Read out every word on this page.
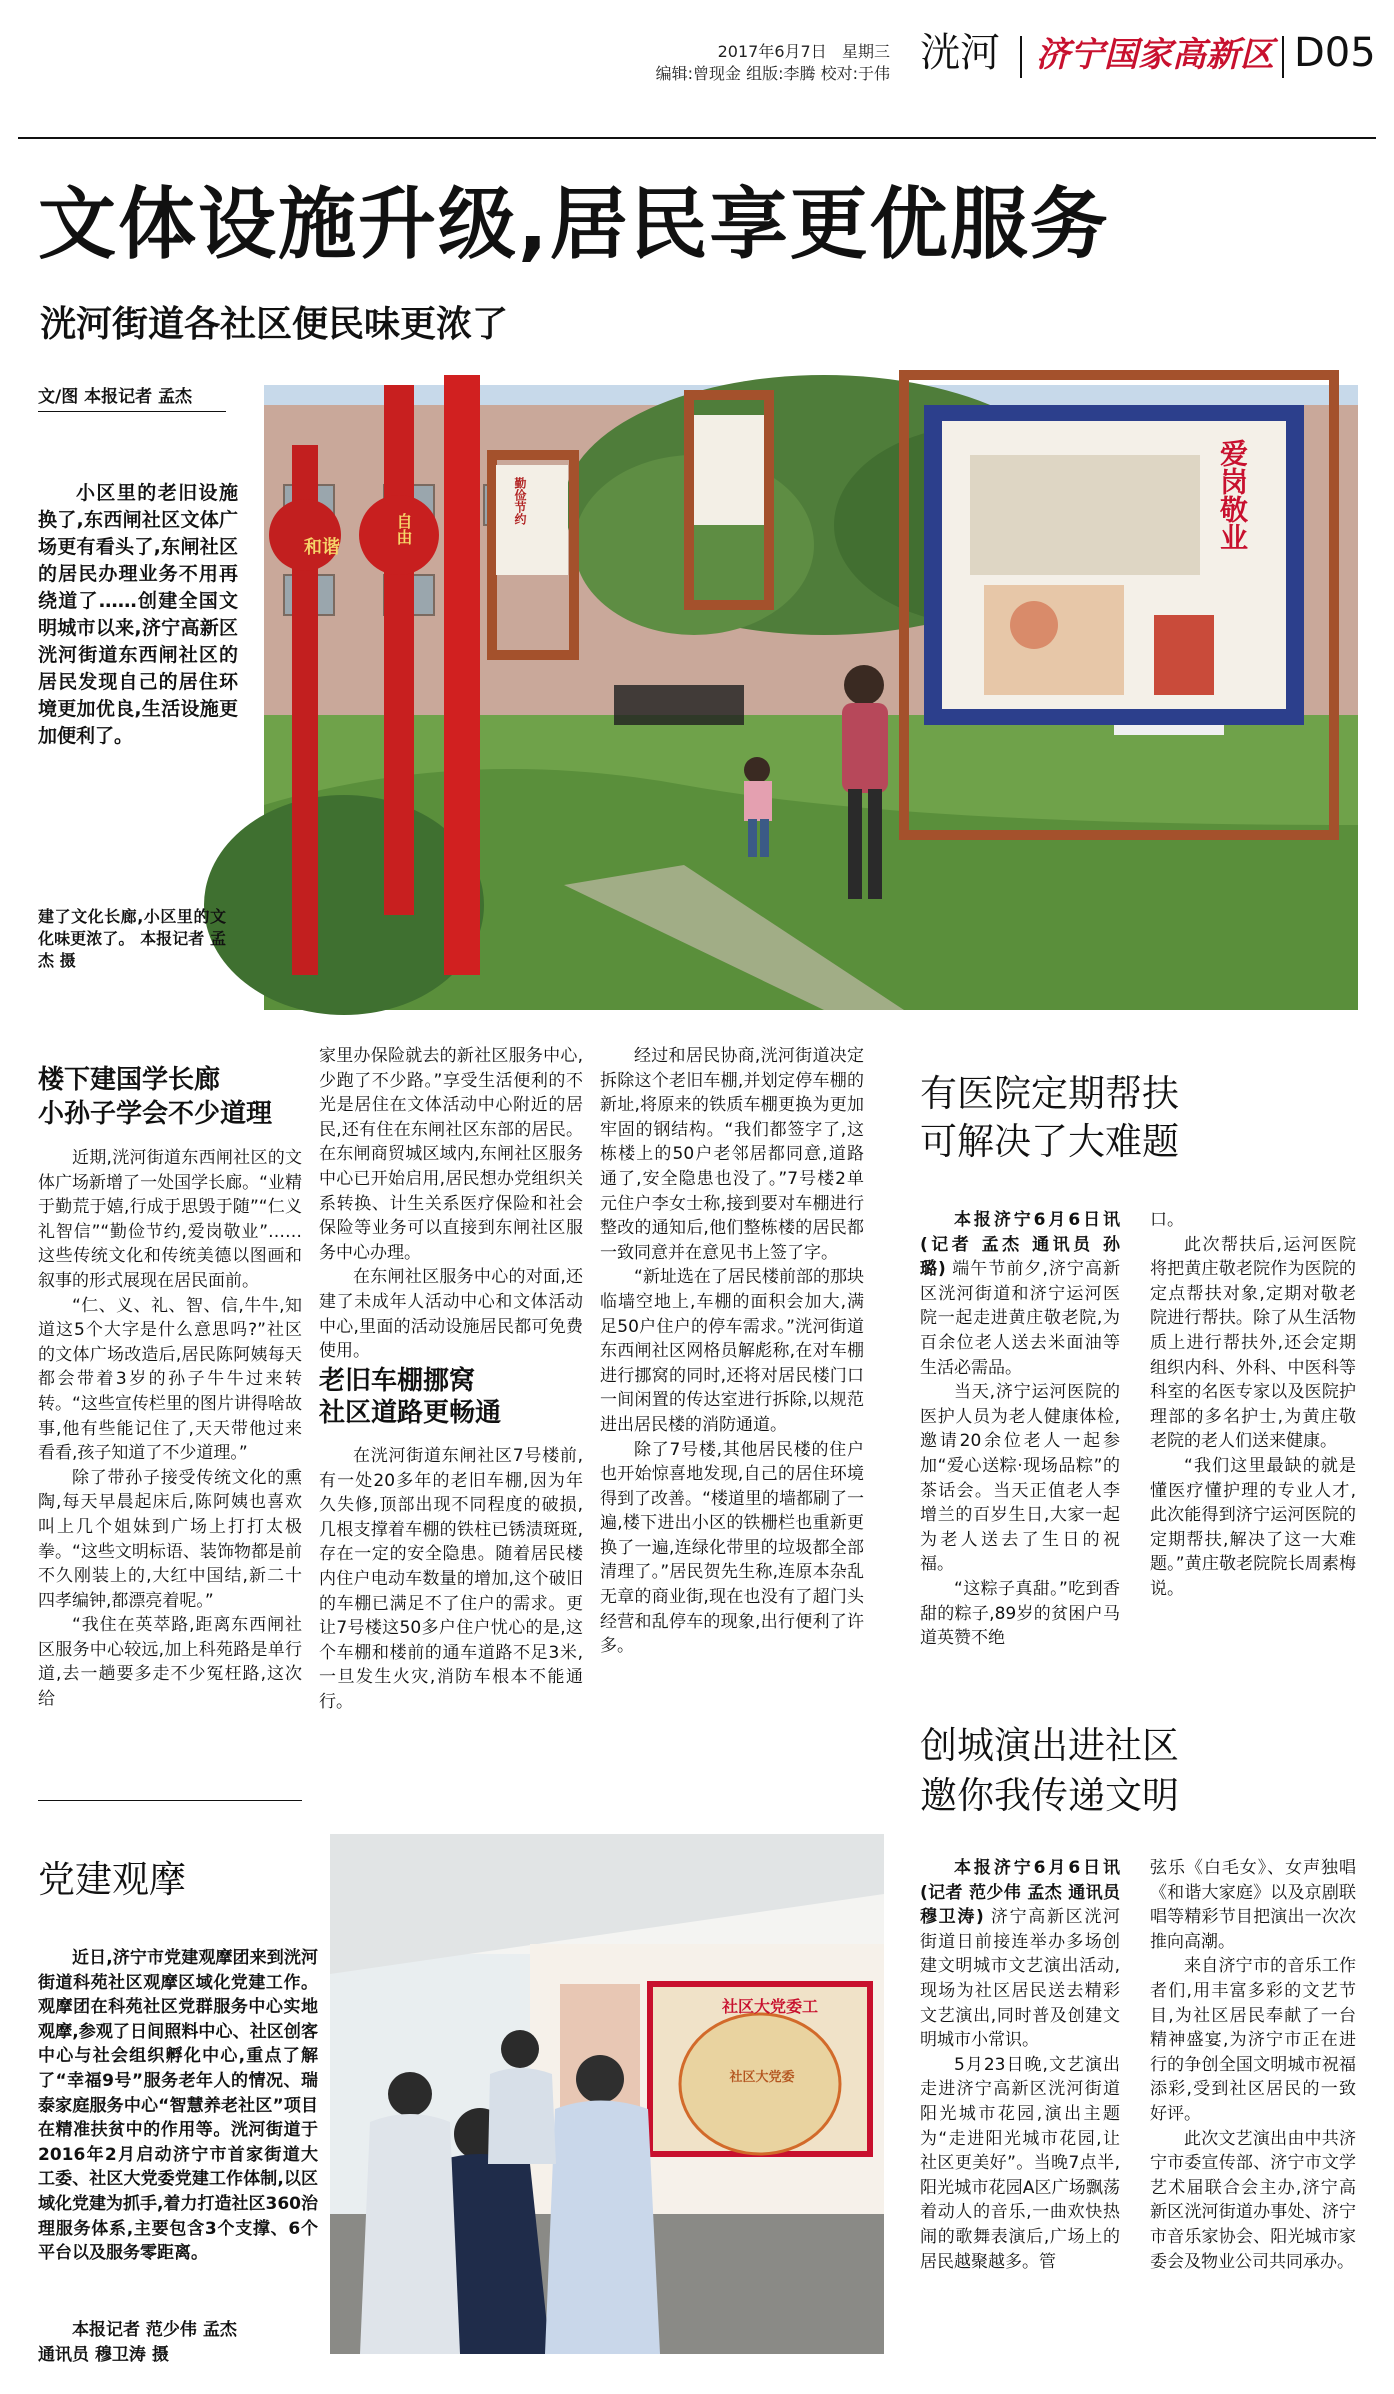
2017年6月7日 星期三
编辑:曾现金 组版:李腾 校对:于伟 洸河 济宁国家高新区 D05
文体设施升级,居民享更优服务
洸河街道各社区便民味更浓了
文/图 本报记者 孟杰
小区里的老旧设施换了,东西闸社区文体广场更有看头了,东闸社区的居民办理业务不用再绕道了……创建全国文明城市以来,济宁高新区洸河街道东西闸社区的居民发现自己的居住环境更加优良,生活设施更加便利了。
和谐
自由
勤俭节约	爱岗敬业
建了文化长廊,小区里的文化味更浓了。 本报记者 孟杰 摄
楼下建国学长廊
小孙子学会不少道理

近期,洸河街道东西闸社区的文体广场新增了一处国学长廊。“业精于勤荒于嬉,行成于思毁于随”“仁义礼智信”“勤俭节约,爱岗敬业”……这些传统文化和传统美德以图画和叙事的形式展现在居民面前。

“仁、义、礼、智、信,牛牛,知道这5个大字是什么意思吗?”社区的文体广场改造后,居民陈阿姨每天都会带着3岁的孙子牛牛过来转转。“这些宣传栏里的图片讲得啥故事,他有些能记住了,天天带他过来看看,孩子知道了不少道理。”

除了带孙子接受传统文化的熏陶,每天早晨起床后,陈阿姨也喜欢叫上几个姐妹到广场上打打太极拳。“这些文明标语、装饰物都是前不久刚装上的,大红中国结,新二十四孝编钟,都漂亮着呢。”

“我住在英萃路,距离东西闸社区服务中心较远,加上科苑路是单行道,去一趟要多走不少冤枉路,这次给

家里办保险就去的新社区服务中心,少跑了不少路。”享受生活便利的不光是居住在文体活动中心附近的居民,还有住在东闸社区东部的居民。在东闸商贸城区域内,东闸社区服务中心已开始启用,居民想办党组织关系转换、计生关系医疗保险和社会保险等业务可以直接到东闸社区服务中心办理。

在东闸社区服务中心的对面,还建了未成年人活动中心和文体活动中心,里面的活动设施居民都可免费使用。

老旧车棚挪窝
社区道路更畅通

在洸河街道东闸社区7号楼前,有一处20多年的老旧车棚,因为年久失修,顶部出现不同程度的破损,几根支撑着车棚的铁柱已锈渍斑斑,存在一定的安全隐患。随着居民楼内住户电动车数量的增加,这个破旧的车棚已满足不了住户的需求。更让7号楼这50多户住户忧心的是,这个车棚和楼前的通车道路不足3米,一旦发生火灾,消防车根本不能通行。

经过和居民协商,洸河街道决定拆除这个老旧车棚,并划定停车棚的新址,将原来的铁质车棚更换为更加牢固的钢结构。“我们都签字了,这栋楼上的50户老邻居都同意,道路通了,安全隐患也没了。”7号楼2单元住户李女士称,接到要对车棚进行整改的通知后,他们整栋楼的居民都一致同意并在意见书上签了字。

“新址选在了居民楼前部的那块临墙空地上,车棚的面积会加大,满足50户住户的停车需求。”洸河街道东西闸社区网格员解彪称,在对车棚进行挪窝的同时,还将对居民楼门口一间闲置的传达室进行拆除,以规范进出居民楼的消防通道。

除了7号楼,其他居民楼的住户也开始惊喜地发现,自己的居住环境得到了改善。“楼道里的墙都刷了一遍,楼下进出小区的铁栅栏也重新更换了一遍,连绿化带里的垃圾都全部清理了。”居民贺先生称,连原本杂乱无章的商业街,现在也没有了超门头经营和乱停车的现象,出行便利了许多。

有医院定期帮扶
可解决了大难题

本报济宁6月6日讯(记者 孟杰 通讯员 孙璐) 端午节前夕,济宁高新区洸河街道和济宁运河医院一起走进黄庄敬老院,为百余位老人送去米面油等生活必需品。

当天,济宁运河医院的医护人员为老人健康体检,邀请20余位老人一起参加“爱心送粽·现场品粽”的茶话会。当天正值老人李增兰的百岁生日,大家一起为老人送去了生日的祝福。

“这粽子真甜。”吃到香甜的粽子,89岁的贫困户马道英赞不绝

口。

此次帮扶后,运河医院将把黄庄敬老院作为医院的定点帮扶对象,定期对敬老院进行帮扶。除了从生活物质上进行帮扶外,还会定期组织内科、外科、中医科等科室的名医专家以及医院护理部的多名护士,为黄庄敬老院的老人们送来健康。

“我们这里最缺的就是懂医疗懂护理的专业人才,此次能得到济宁运河医院的定期帮扶,解决了这一大难题。”黄庄敬老院院长周素梅说。

创城演出进社区
邀你我传递文明

本报济宁6月6日讯(记者 范少伟 孟杰 通讯员 穆卫涛) 济宁高新区洸河街道日前接连举办多场创建文明城市文艺演出活动,现场为社区居民送去精彩文艺演出,同时普及创建文明城市小常识。

5月23日晚,文艺演出走进济宁高新区洸河街道阳光城市花园,演出主题为“走进阳光城市花园,让社区更美好”。当晚7点半,阳光城市花园A区广场飘荡着动人的音乐,一曲欢快热闹的歌舞表演后,广场上的居民越聚越多。管

弦乐《白毛女》、女声独唱《和谐大家庭》以及京剧联唱等精彩节目把演出一次次推向高潮。

来自济宁市的音乐工作者们,用丰富多彩的文艺节目,为社区居民奉献了一台精神盛宴,为济宁市正在进行的争创全国文明城市祝福添彩,受到社区居民的一致好评。

此次文艺演出由中共济宁市委宣传部、济宁市文学艺术届联合会主办,济宁高新区洸河街道办事处、济宁市音乐家协会、阳光城市家委会及物业公司共同承办。

党建观摩

近日,济宁市党建观摩团来到洸河街道科苑社区观摩区域化党建工作。观摩团在科苑社区党群服务中心实地观摩,参观了日间照料中心、社区创客中心与社会组织孵化中心,重点了解了“幸福9号”服务老年人的情况、瑞泰家庭服务中心“智慧养老社区”项目在精准扶贫中的作用等。洸河街道于2016年2月启动济宁市首家街道大工委、社区大党委党建工作体制,以区域化党建为抓手,着力打造社区360治理服务体系,主要包含3个支撑、6个平台以及服务零距离。

本报记者 范少伟 孟杰
通讯员 穆卫涛 摄
社区大党委工
社区大党委
